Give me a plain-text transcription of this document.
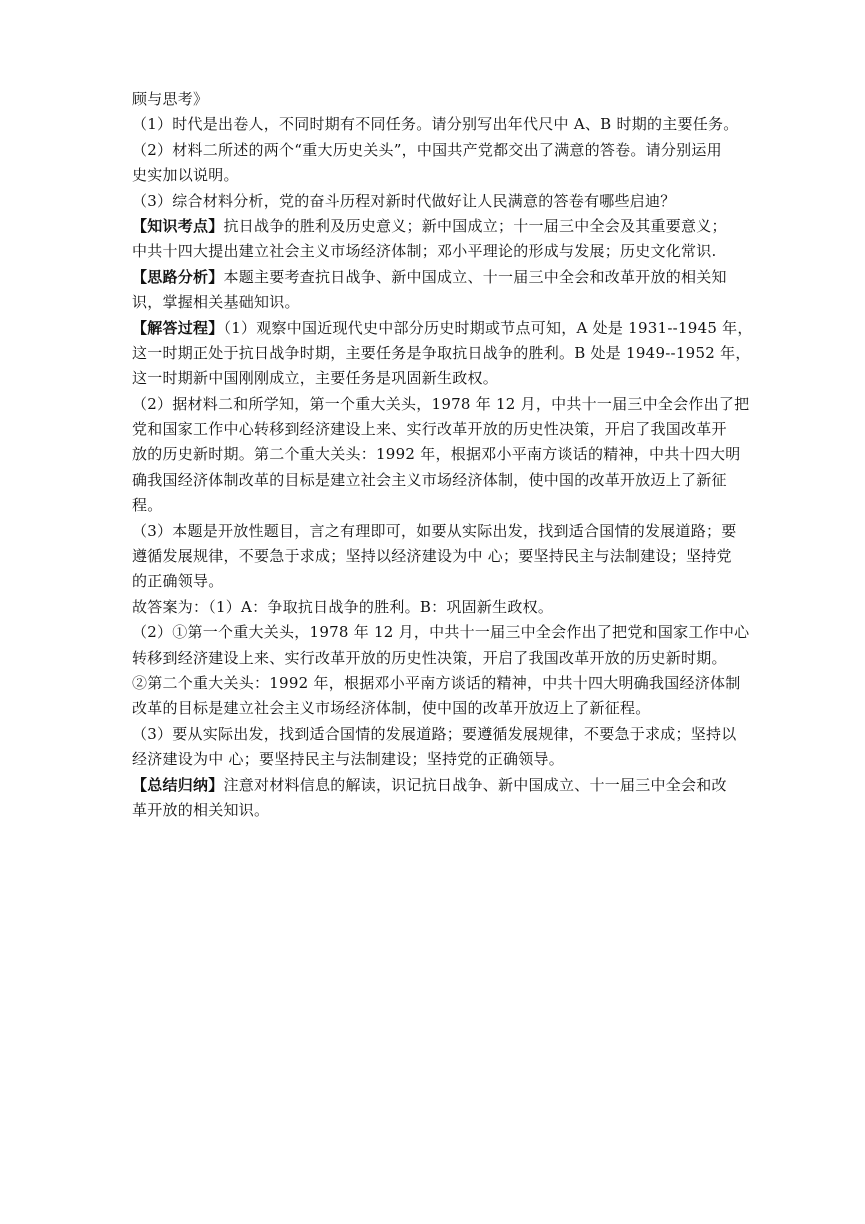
顾与思考》
（1）时代是出卷人，不同时期有不同任务。请分别写出年代尺中 A、B 时期的主要任务。
（2）材料二所述的两个“重大历史关头”，中国共产党都交出了满意的答卷。请分别运用
史实加以说明。
（3）综合材料分析，党的奋斗历程对新时代做好让人民满意的答卷有哪些启迪？
【知识考点】抗日战争的胜利及历史意义；新中国成立；十一届三中全会及其重要意义；
中共十四大提出建立社会主义市场经济体制；邓小平理论的形成与发展；历史文化常识.
【思路分析】本题主要考查抗日战争、新中国成立、十一届三中全会和改革开放的相关知
识，掌握相关基础知识。
【解答过程】（1）观察中国近现代史中部分历史时期或节点可知，A 处是 1931--1945 年，
这一时期正处于抗日战争时期，主要任务是争取抗日战争的胜利。B 处是 1949--1952 年，
这一时期新中国刚刚成立，主要任务是巩固新生政权。
（2）据材料二和所学知，第一个重大关头，1978 年 12 月，中共十一届三中全会作出了把
党和国家工作中心转移到经济建设上来、实行改革开放的历史性决策，开启了我国改革开
放的历史新时期。第二个重大关头：1992 年，根据邓小平南方谈话的精神，中共十四大明
确我国经济体制改革的目标是建立社会主义市场经济体制，使中国的改革开放迈上了新征
程。
（3）本题是开放性题目，言之有理即可，如要从实际出发，找到适合国情的发展道路；要
遵循发展规律，不要急于求成；坚持以经济建设为中 心；要坚持民主与法制建设；坚持党
的正确领导。
故答案为：（1）A：争取抗日战争的胜利。B：巩固新生政权。
（2）①第一个重大关头，1978 年 12 月，中共十一届三中全会作出了把党和国家工作中心
转移到经济建设上来、实行改革开放的历史性决策，开启了我国改革开放的历史新时期。
②第二个重大关头：1992 年，根据邓小平南方谈话的精神，中共十四大明确我国经济体制
改革的目标是建立社会主义市场经济体制，使中国的改革开放迈上了新征程。
（3）要从实际出发，找到适合国情的发展道路；要遵循发展规律，不要急于求成；坚持以
经济建设为中 心；要坚持民主与法制建设；坚持党的正确领导。
【总结归纳】注意对材料信息的解读，识记抗日战争、新中国成立、十一届三中全会和改
革开放的相关知识。
